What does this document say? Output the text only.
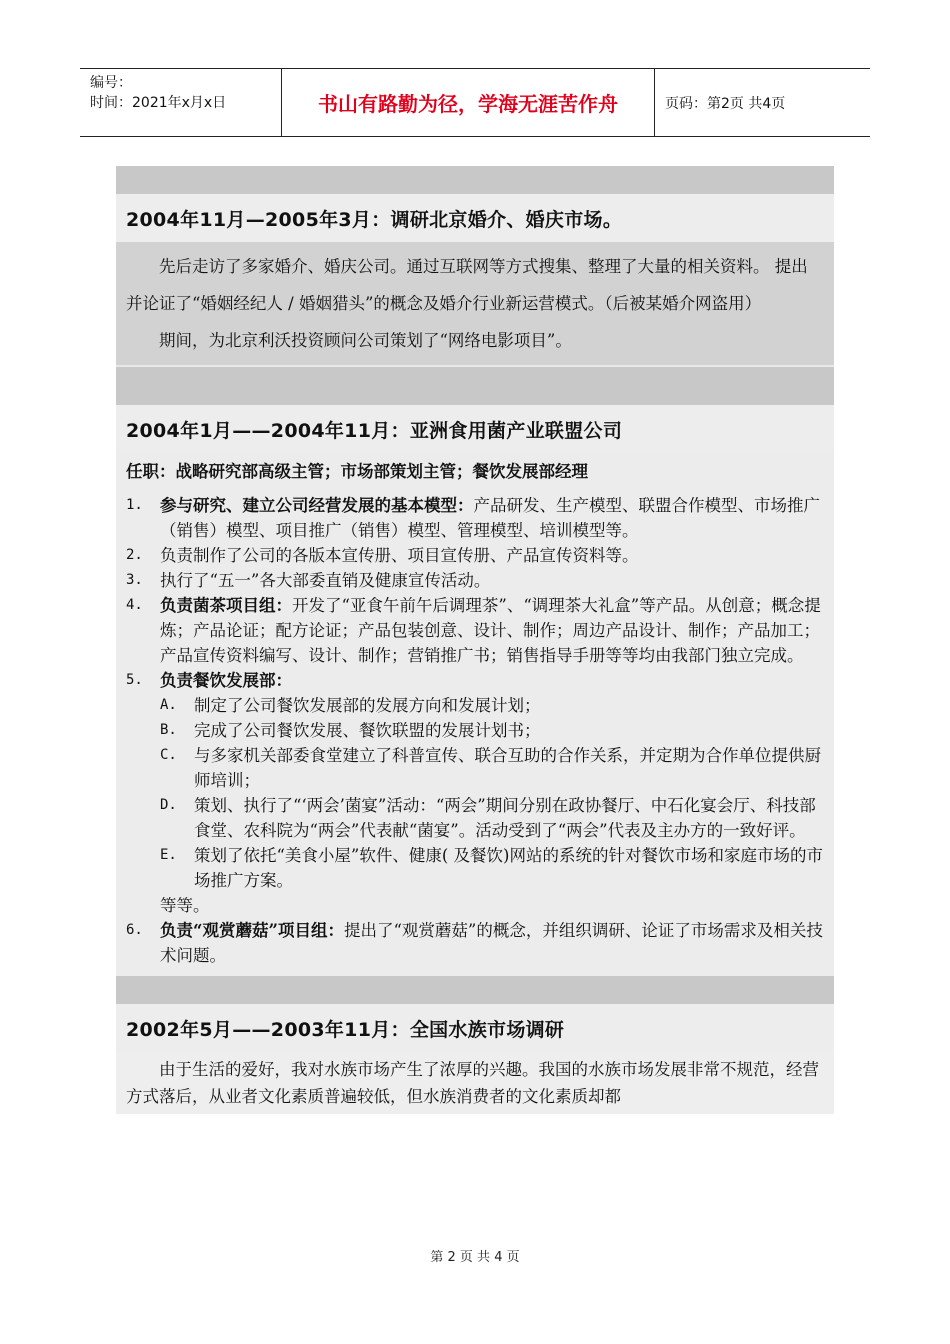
编号：
时间：2021年x月x日	书山有路勤为径，学海无涯苦作舟	页码：第2页 共4页
2004年11月—2005年3月：调研北京婚介、婚庆市场。

先后走访了多家婚介、婚庆公司。通过互联网等方式搜集、整理了大量的相关资料。 提出并论证了“婚姻经纪人 / 婚姻猎头”的概念及婚介行业新运营模式。（后被某婚介网盗用）

期间，为北京利沃投资顾问公司策划了“网络电影项目”。

2004年1月——2004年11月：亚洲食用菌产业联盟公司
任职：战略研究部高级主管；市场部策划主管；餐饮发展部经理
1.	参与研究、建立公司经营发展的基本模型：产品研发、生产模型、联盟合作模型、市场推广（销售）模型、项目推广（销售）模型、管理模型、培训模型等。
2.	负责制作了公司的各版本宣传册、项目宣传册、产品宣传资料等。
3.	执行了“五一”各大部委直销及健康宣传活动。
4.	负责菌茶项目组：开发了“亚食午前午后调理茶”、“调理茶大礼盒”等产品。从创意；概念提炼；产品论证；配方论证；产品包装创意、设计、制作；周边产品设计、制作；产品加工；产品宣传资料编写、设计、制作；营销推广书；销售指导手册等等均由我部门独立完成。
5.	负责餐饮发展部：
A.	制定了公司餐饮发展部的发展方向和发展计划；
B.	完成了公司餐饮发展、餐饮联盟的发展计划书；
C.	与多家机关部委食堂建立了科普宣传、联合互助的合作关系，并定期为合作单位提供厨师培训；
D.	策划、执行了“‘两会’菌宴”活动：“两会”期间分别在政协餐厅、中石化宴会厅、科技部食堂、农科院为“两会”代表献“菌宴”。活动受到了“两会”代表及主办方的一致好评。
E.	策划了依托“美食小屋”软件、健康( 及餐饮)网站的系统的针对餐饮市场和家庭市场的市场推广方案。
等等。
6.	负责“观赏蘑菇”项目组：提出了“观赏蘑菇”的概念，并组织调研、论证了市场需求及相关技术问题。
2002年5月——2003年11月：全国水族市场调研

由于生活的爱好，我对水族市场产生了浓厚的兴趣。我国的水族市场发展非常不规范，经营方式落后，从业者文化素质普遍较低，但水族消费者的文化素质却都

第 2 页 共 4 页
